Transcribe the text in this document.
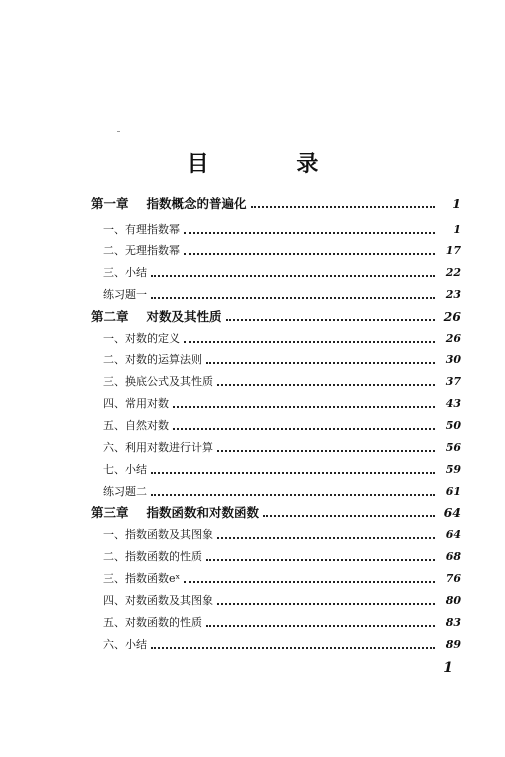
目 录
第一章 指数概念的普遍化	1
一、有理指数幂	1
二、无理指数幂	17
三、小结	22
练习题一	23
第二章 对数及其性质	26
一、对数的定义	26
二、对数的运算法则	30
三、换底公式及其性质	37
四、常用对数	43
五、自然对数	50
六、利用对数进行计算	56
七、小结	59
练习题二	61
第三章 指数函数和对数函数	64
一、指数函数及其图象	64
二、指数函数的性质	68
三、指数函数eˣ	76
四、对数函数及其图象	80
五、对数函数的性质	83
六、小结	89
1
